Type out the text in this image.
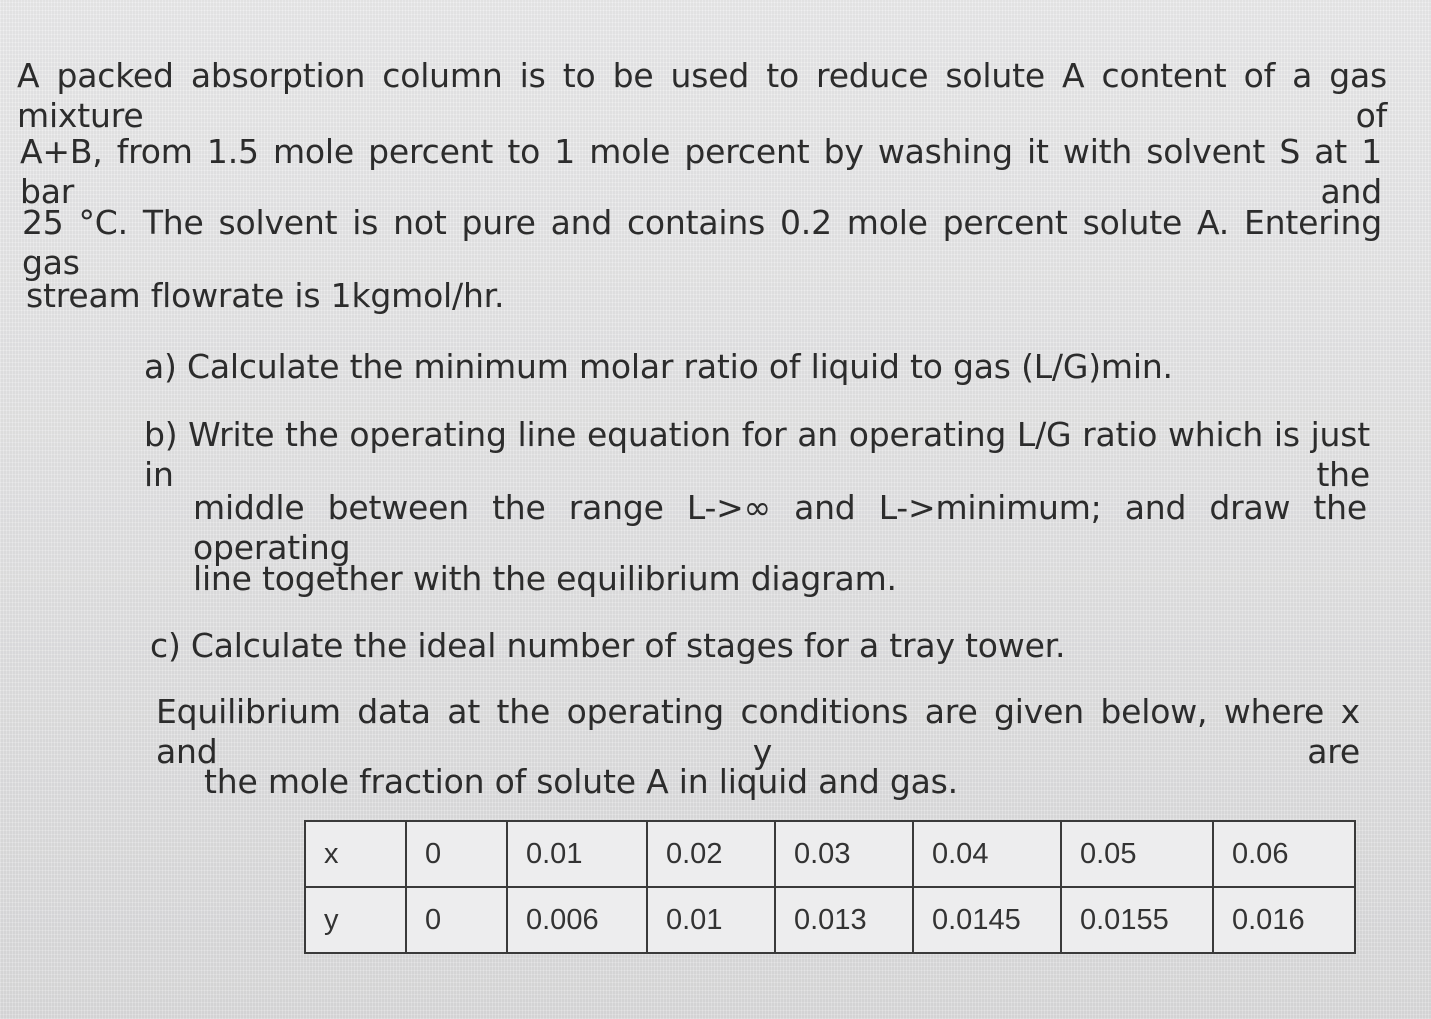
A packed absorption column is to be used to reduce solute A content of a gas mixture of
A+B, from 1.5 mole percent to 1 mole percent by washing it with solvent S at 1 bar and
25 °C. The solvent is not pure and contains 0.2 mole percent solute A. Entering gas
stream flowrate is 1kgmol/hr.
a) Calculate the minimum molar ratio of liquid to gas (L/G)min.
b) Write the operating line equation for an operating L/G ratio which is just in the
middle between the range L->∞ and L->minimum; and draw the operating
line together with the equilibrium diagram.
c) Calculate the ideal number of stages for a tray tower.
Equilibrium data at the operating conditions are given below, where x and y are
the mole fraction of solute A in liquid and gas.
x	0	0.01	0.02	0.03	0.04	0.05	0.06
y	0	0.006	0.01	0.013	0.0145	0.0155	0.016
